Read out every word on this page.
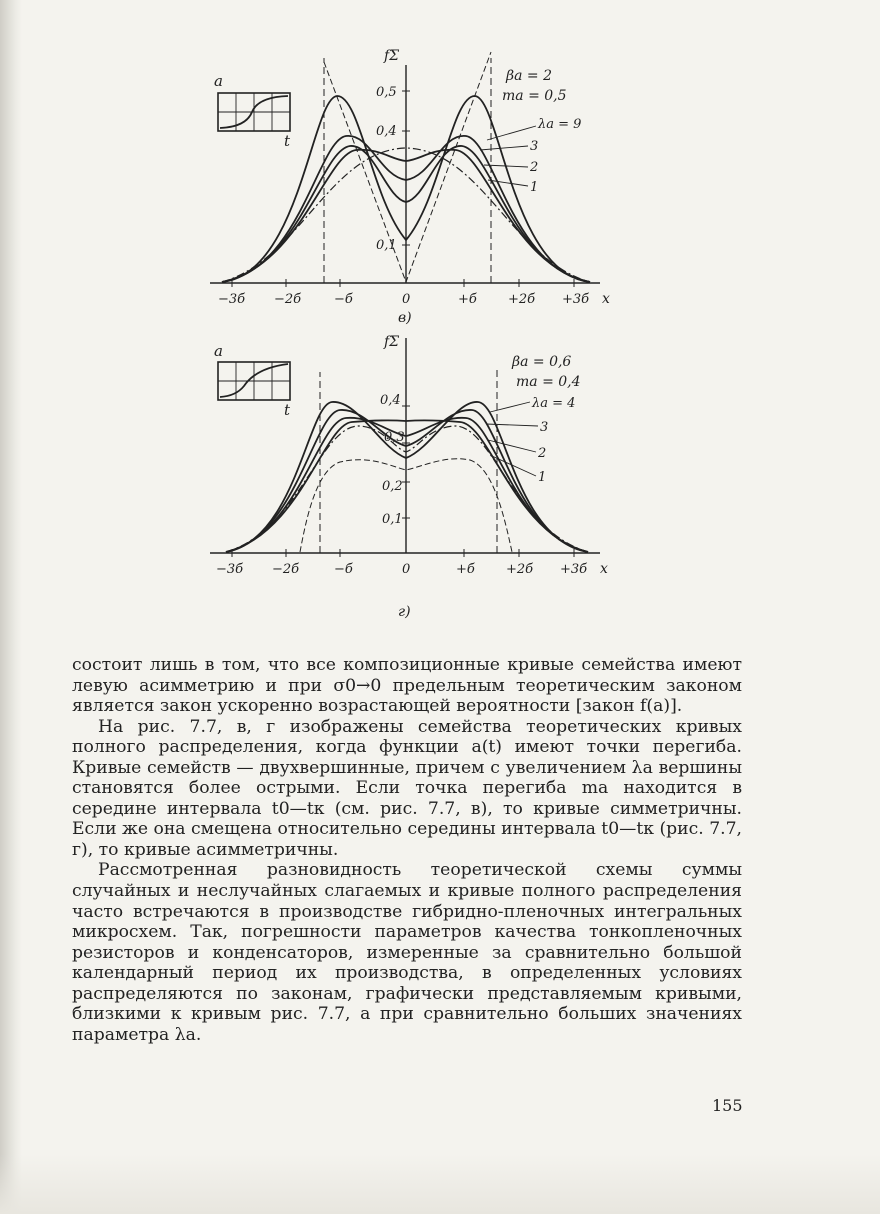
a
t
fΣ
0,5
0,4
0,1
βa = 2
ma = 0,5
λa = 9
3
2
1
−3б −2б	−б	0	+б +2б +3б x
в)
a
t
fΣ
0,4
0,3
0,2
0,1
βa = 0,6
ma = 0,4
λa = 4
3
2
1
−3б −2б	−б	0	+б +2б +3б x
г)

состоит лишь в том, что все композиционные кривые семейства имеют левую асимметрию и при σ0→0 предельным теоретическим законом является закон ускоренно возрастающей вероятности [закон f(a)].

На рис. 7.7, в, г изображены семейства теоретических кривых полного распределения, когда функции a(t) имеют точки перегиба. Кривые семейств — двухвершинные, причем с увеличением λa вершины становятся более острыми. Если точка перегиба ma находится в середине интервала t0—tк (см. рис. 7.7, в), то кривые симметричны. Если же она смещена относительно середины интервала t0—tк (рис. 7.7, г), то кривые асимметричны.

Рассмотренная разновидность теоретической схемы суммы случайных и неслучайных слагаемых и кривые полного распределения часто встречаются в производстве гибридно-пленочных интегральных микросхем. Так, погрешности параметров качества тонкопленочных резисторов и конденсаторов, измеренные за сравнительно большой календарный период их производства, в определенных условиях распределяются по законам, графически представляемым кривыми, близкими к кривым рис. 7.7, а при сравнительно больших значениях параметра λa.

155
